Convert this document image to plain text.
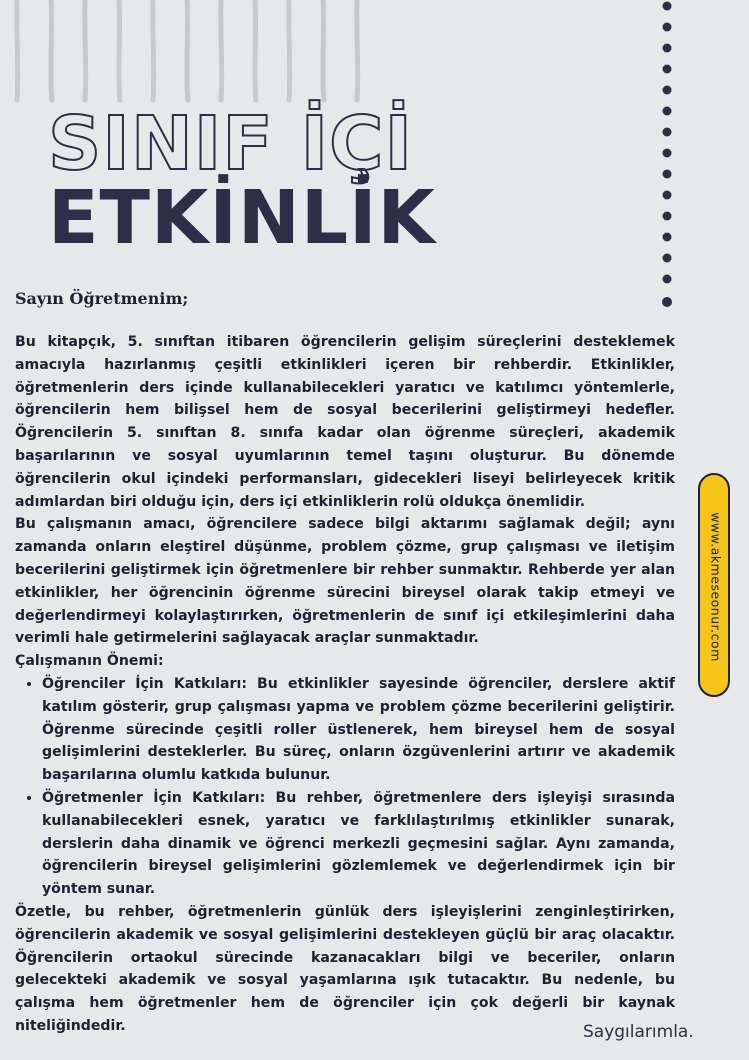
SINIF İÇİ
ETKİNLİK

Sayın Öğretmenim;

Bu kitapçık, 5. sınıftan itibaren öğrencilerin gelişim süreçlerini desteklemek amacıyla hazırlanmış çeşitli etkinlikleri içeren bir rehberdir. Etkinlikler, öğretmenlerin ders içinde kullanabilecekleri yaratıcı ve katılımcı yöntemlerle, öğrencilerin hem bilişsel hem de sosyal becerilerini geliştirmeyi hedefler. Öğrencilerin 5. sınıftan 8. sınıfa kadar olan öğrenme süreçleri, akademik başarılarının ve sosyal uyumlarının temel taşını oluşturur. Bu dönemde öğrencilerin okul içindeki performansları, gidecekleri liseyi belirleyecek kritik adımlardan biri olduğu için, ders içi etkinliklerin rolü oldukça önemlidir.

Bu çalışmanın amacı, öğrencilere sadece bilgi aktarımı sağlamak değil; aynı zamanda onların eleştirel düşünme, problem çözme, grup çalışması ve iletişim becerilerini geliştirmek için öğretmenlere bir rehber sunmaktır. Rehberde yer alan etkinlikler, her öğrencinin öğrenme sürecini bireysel olarak takip etmeyi ve değerlendirmeyi kolaylaştırırken, öğretmenlerin de sınıf içi etkileşimlerini daha verimli hale getirmelerini sağlayacak araçlar sunmaktadır.

Çalışmanın Önemi:

• Öğrenciler İçin Katkıları: Bu etkinlikler sayesinde öğrenciler, derslere aktif katılım gösterir, grup çalışması yapma ve problem çözme becerilerini geliştirir. Öğrenme sürecinde çeşitli roller üstlenerek, hem bireysel hem de sosyal gelişimlerini desteklerler. Bu süreç, onların özgüvenlerini artırır ve akademik başarılarına olumlu katkıda bulunur.
• Öğretmenler İçin Katkıları: Bu rehber, öğretmenlere ders işleyişi sırasında kullanabilecekleri esnek, yaratıcı ve farklılaştırılmış etkinlikler sunarak, derslerin daha dinamik ve öğrenci merkezli geçmesini sağlar. Aynı zamanda, öğrencilerin bireysel gelişimlerini gözlemlemek ve değerlendirmek için bir yöntem sunar.

Özetle, bu rehber, öğretmenlerin günlük ders işleyişlerini zenginleştirirken, öğrencilerin akademik ve sosyal gelişimlerini destekleyen güçlü bir araç olacaktır. Öğrencilerin ortaokul sürecinde kazanacakları bilgi ve beceriler, onların gelecekteki akademik ve sosyal yaşamlarına ışık tutacaktır. Bu nedenle, bu çalışma hem öğretmenler hem de öğrenciler için çok değerli bir kaynak niteliğindedir.	Saygılarımla.

www.akmeseonur.com
